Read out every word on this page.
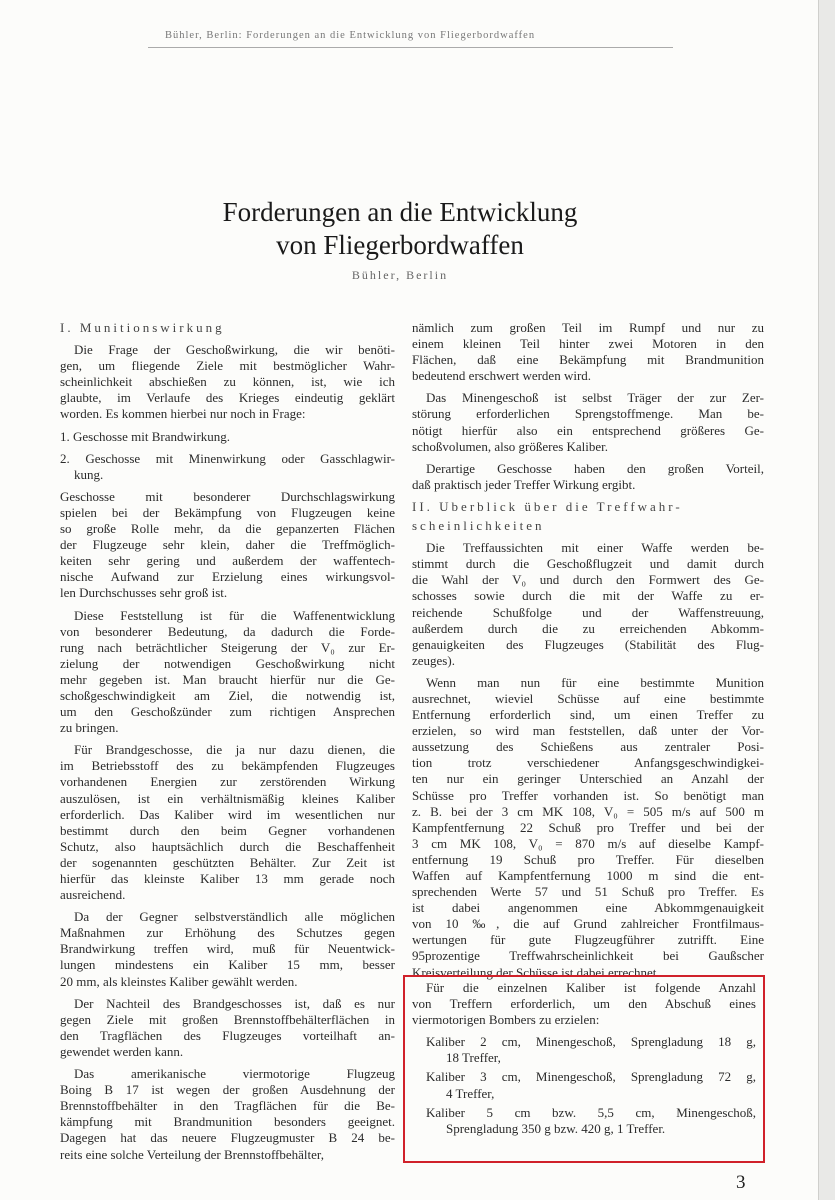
Bühler, Berlin: Forderungen an die Entwicklung von Fliegerbordwaffen
Forderungen an die Entwicklung
von Fliegerbordwaffen
Bühler, Berlin
I. Munitionswirkung
Die Frage der Geschoßwirkung, die wir benöti-
gen, um fliegende Ziele mit bestmöglicher Wahr-
scheinlichkeit abschießen zu können, ist, wie ich
glaubte, im Verlaufe des Krieges eindeutig geklärt
worden. Es kommen hierbei nur noch in Frage:
1. Geschosse mit Brandwirkung.
2. Geschosse mit Minenwirkung oder Gasschlagwir-
kung.
Geschosse mit besonderer Durchschlagswirkung
spielen bei der Bekämpfung von Flugzeugen keine
so große Rolle mehr, da die gepanzerten Flächen
der Flugzeuge sehr klein, daher die Treffmöglich-
keiten sehr gering und außerdem der waffentech-
nische Aufwand zur Erzielung eines wirkungsvol-
len Durchschusses sehr groß ist.
Diese Feststellung ist für die Waffenentwicklung
von besonderer Bedeutung, da dadurch die Forde-
rung nach beträchtlicher Steigerung der V₀ zur Er-
zielung der notwendigen Geschoßwirkung nicht
mehr gegeben ist. Man braucht hierfür nur die Ge-
schoßgeschwindigkeit am Ziel, die notwendig ist,
um den Geschoßzünder zum richtigen Ansprechen
zu bringen.
Für Brandgeschosse, die ja nur dazu dienen, die
im Betriebsstoff des zu bekämpfenden Flugzeuges
vorhandenen Energien zur zerstörenden Wirkung
auszulösen, ist ein verhältnismäßig kleines Kaliber
erforderlich. Das Kaliber wird im wesentlichen nur
bestimmt durch den beim Gegner vorhandenen
Schutz, also hauptsächlich durch die Beschaffenheit
der sogenannten geschützten Behälter. Zur Zeit ist
hierfür das kleinste Kaliber 13 mm gerade noch
ausreichend.
Da der Gegner selbstverständlich alle möglichen
Maßnahmen zur Erhöhung des Schutzes gegen
Brandwirkung treffen wird, muß für Neuentwick-
lungen mindestens ein Kaliber 15 mm, besser
20 mm, als kleinstes Kaliber gewählt werden.
Der Nachteil des Brandgeschosses ist, daß es nur
gegen Ziele mit großen Brennstoffbehälterflächen in
den Tragflächen des Flugzeuges vorteilhaft an-
gewendet werden kann.
Das amerikanische viermotorige Flugzeug
Boing B 17 ist wegen der großen Ausdehnung der
Brennstoffbehälter in den Tragflächen für die Be-
kämpfung mit Brandmunition besonders geeignet.
Dagegen hat das neuere Flugzeugmuster B 24 be-
reits eine solche Verteilung der Brennstoffbehälter,
nämlich zum großen Teil im Rumpf und nur zu
einem kleinen Teil hinter zwei Motoren in den
Flächen, daß eine Bekämpfung mit Brandmunition
bedeutend erschwert werden wird.
Das Minengeschoß ist selbst Träger der zur Zer-
störung erforderlichen Sprengstoffmenge. Man be-
nötigt hierfür also ein entsprechend größeres Ge-
schoßvolumen, also größeres Kaliber.
Derartige Geschosse haben den großen Vorteil,
daß praktisch jeder Treffer Wirkung ergibt.
II. Uberblick über die Treffwahr-
scheinlichkeiten
Die Treffaussichten mit einer Waffe werden be-
stimmt durch die Geschoßflugzeit und damit durch
die Wahl der V₀ und durch den Formwert des Ge-
schosses sowie durch die mit der Waffe zu er-
reichende Schußfolge und der Waffenstreuung,
außerdem durch die zu erreichenden Abkomm-
genauigkeiten des Flugzeuges (Stabilität des Flug-
zeuges).
Wenn man nun für eine bestimmte Munition
ausrechnet, wieviel Schüsse auf eine bestimmte
Entfernung erforderlich sind, um einen Treffer zu
erzielen, so wird man feststellen, daß unter der Vor-
aussetzung des Schießens aus zentraler Posi-
tion trotz verschiedener Anfangsgeschwindigkei-
ten nur ein geringer Unterschied an Anzahl der
Schüsse pro Treffer vorhanden ist. So benötigt man
z. B. bei der 3 cm MK 108, V₀ = 505 m/s auf 500 m
Kampfentfernung 22 Schuß pro Treffer und bei der
3 cm MK 108, V₀ = 870 m/s auf dieselbe Kampf-
entfernung 19 Schuß pro Treffer. Für dieselben
Waffen auf Kampfentfernung 1000 m sind die ent-
sprechenden Werte 57 und 51 Schuß pro Treffer. Es
ist dabei angenommen eine Abkommgenauigkeit
von 10 ‰, die auf Grund zahlreicher Frontfilmaus-
wertungen für gute Flugzeugführer zutrifft. Eine
95prozentige Treffwahrscheinlichkeit bei Gaußscher
Kreisverteilung der Schüsse ist dabei errechnet.
Für die einzelnen Kaliber ist folgende Anzahl
von Treffern erforderlich, um den Abschuß eines
viermotorigen Bombers zu erzielen:
Kaliber 2 cm, Minengeschoß, Sprengladung 18 g,
18 Treffer,
Kaliber 3 cm, Minengeschoß, Sprengladung 72 g,
4 Treffer,
Kaliber 5 cm bzw. 5,5 cm, Minengeschoß,
Sprengladung 350 g bzw. 420 g, 1 Treffer.
3
